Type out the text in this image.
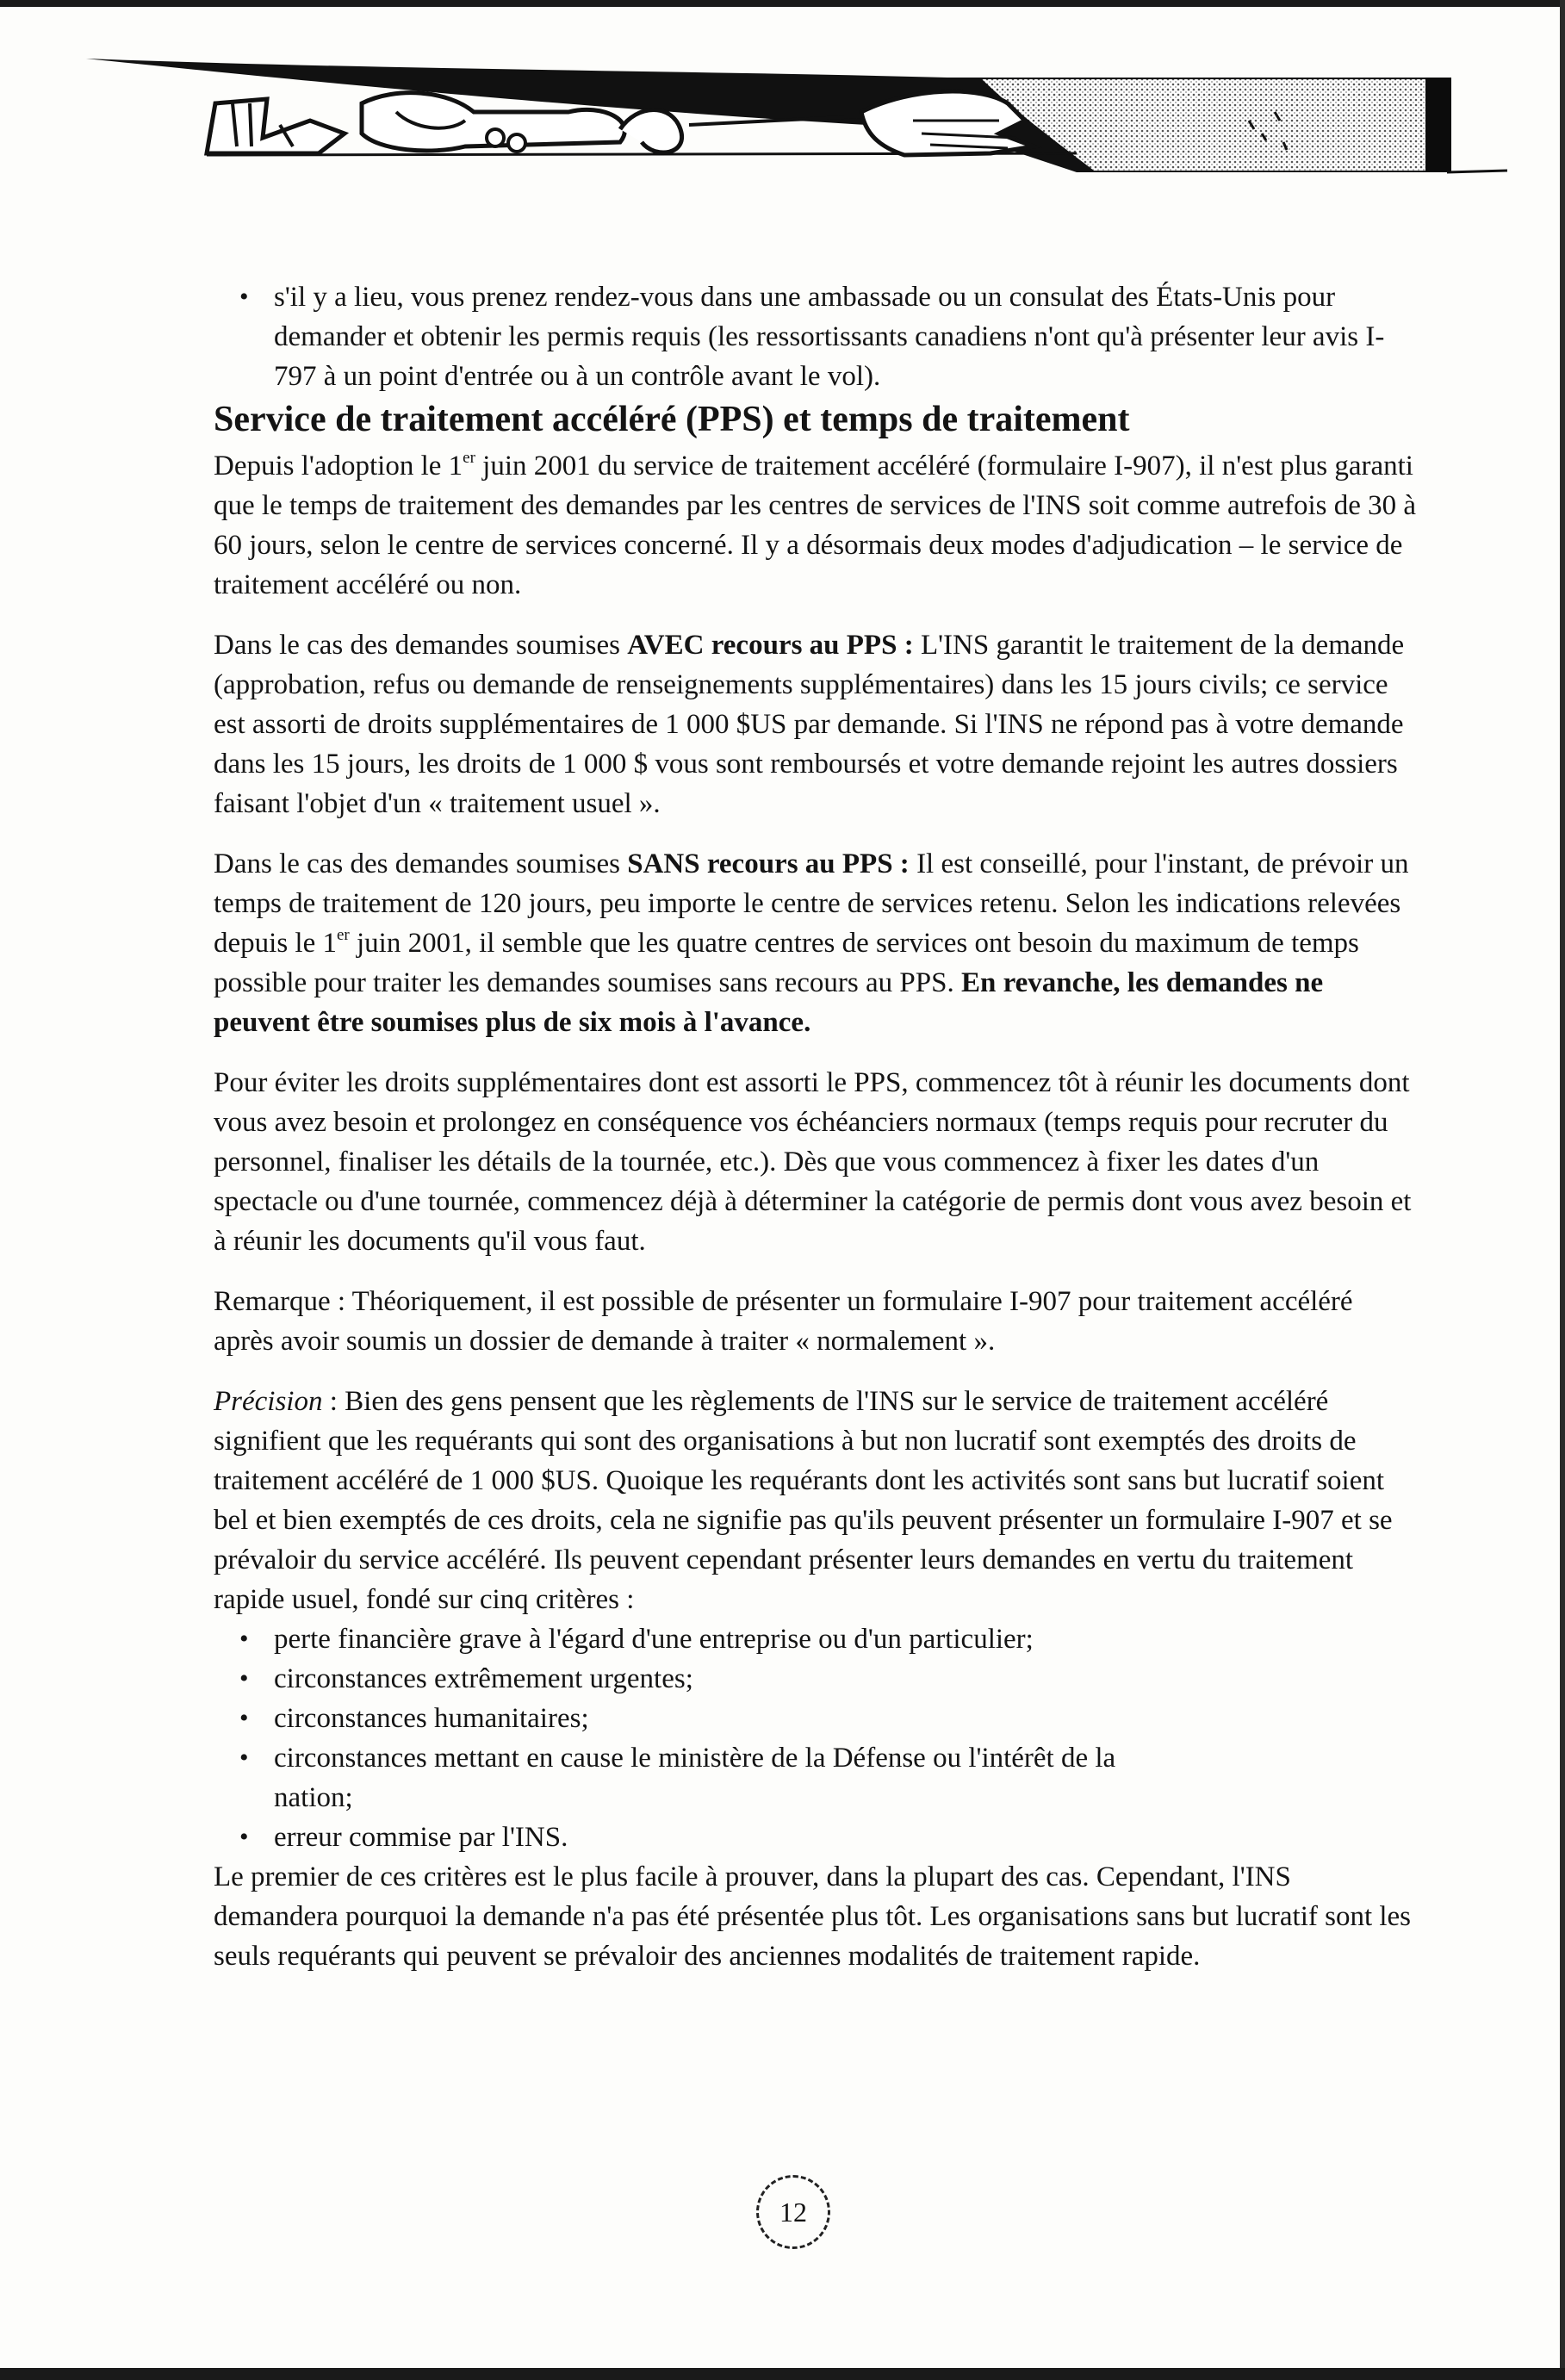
• s'il y a lieu, vous prenez rendez-vous dans une ambassade ou un consulat des États-Unis pour demander et obtenir les permis requis (les ressortissants canadiens n'ont qu'à présenter leur avis I-797 à un point d'entrée ou à un contrôle avant le vol).
Service de traitement accéléré (PPS) et temps de traitement

Depuis l'adoption le 1er juin 2001 du service de traitement accéléré (formulaire I-907), il n'est plus garanti que le temps de traitement des demandes par les centres de services de l'INS soit comme autrefois de 30 à 60 jours, selon le centre de services concerné. Il y a désormais deux modes d'adjudication – le service de traitement accéléré ou non.

Dans le cas des demandes soumises AVEC recours au PPS : L'INS garantit le traitement de la demande (approbation, refus ou demande de renseignements supplémentaires) dans les 15 jours civils; ce service est assorti de droits supplémentaires de 1 000 $US par demande. Si l'INS ne répond pas à votre demande dans les 15 jours, les droits de 1 000 $ vous sont remboursés et votre demande rejoint les autres dossiers faisant l'objet d'un « traitement usuel ».

Dans le cas des demandes soumises SANS recours au PPS : Il est conseillé, pour l'instant, de prévoir un temps de traitement de 120 jours, peu importe le centre de services retenu. Selon les indications relevées depuis le 1er juin 2001, il semble que les quatre centres de services ont besoin du maximum de temps possible pour traiter les demandes soumises sans recours au PPS. En revanche, les demandes ne peuvent être soumises plus de six mois à l'avance.

Pour éviter les droits supplémentaires dont est assorti le PPS, commencez tôt à réunir les documents dont vous avez besoin et prolongez en conséquence vos échéanciers normaux (temps requis pour recruter du personnel, finaliser les détails de la tournée, etc.). Dès que vous commencez à fixer les dates d'un spectacle ou d'une tournée, commencez déjà à déterminer la catégorie de permis dont vous avez besoin et à réunir les documents qu'il vous faut.

Remarque : Théoriquement, il est possible de présenter un formulaire I-907 pour traitement accéléré après avoir soumis un dossier de demande à traiter « normalement ».

Précision : Bien des gens pensent que les règlements de l'INS sur le service de traitement accéléré signifient que les requérants qui sont des organisations à but non lucratif sont exemptés des droits de traitement accéléré de 1 000 $US. Quoique les requérants dont les activités sont sans but lucratif soient bel et bien exemptés de ces droits, cela ne signifie pas qu'ils peuvent présenter un formulaire I-907 et se prévaloir du service accéléré. Ils peuvent cependant présenter leurs demandes en vertu du traitement rapide usuel, fondé sur cinq critères :

• perte financière grave à l'égard d'une entreprise ou d'un particulier;
• circonstances extrêmement urgentes;
• circonstances humanitaires;
• circonstances mettant en cause le ministère de la Défense ou l'intérêt de la nation;
• erreur commise par l'INS.

Le premier de ces critères est le plus facile à prouver, dans la plupart des cas. Cependant, l'INS demandera pourquoi la demande n'a pas été présentée plus tôt. Les organisations sans but lucratif sont les seuls requérants qui peuvent se prévaloir des anciennes modalités de traitement rapide.

12
